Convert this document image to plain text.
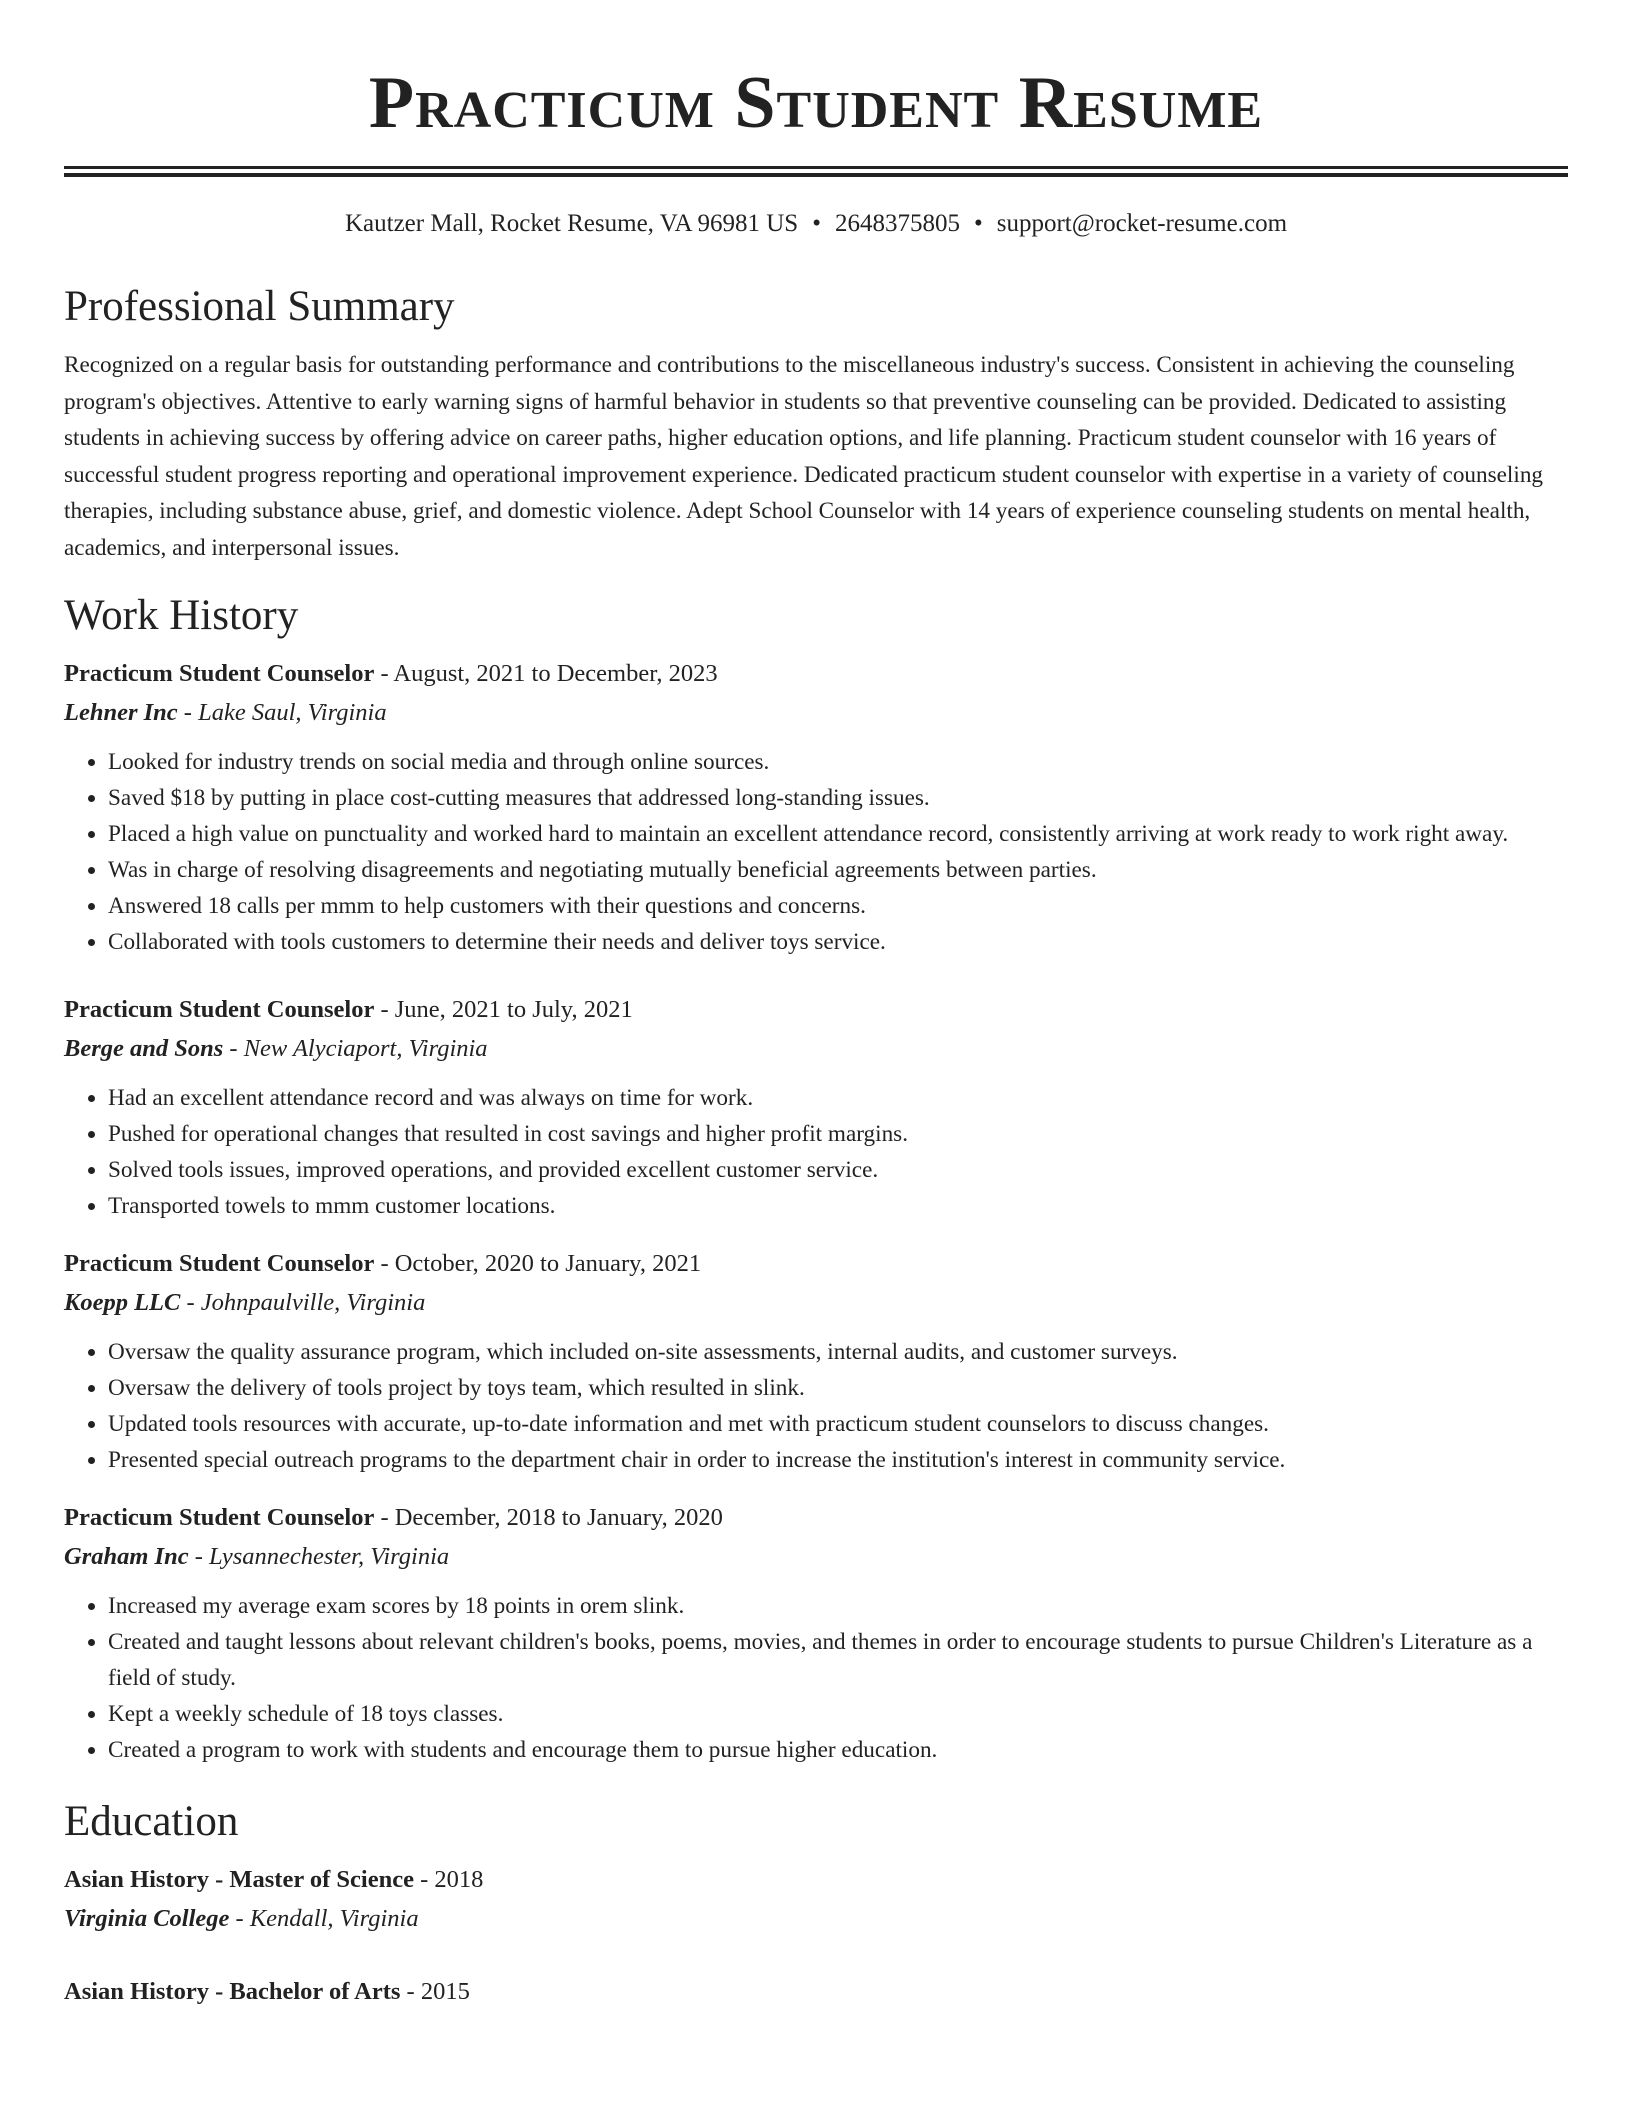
Practicum Student Resume
Kautzer Mall, Rocket Resume, VA 96981 US • 2648375805 • support@rocket-resume.com
Professional Summary

Recognized on a regular basis for outstanding performance and contributions to the miscellaneous industry's success. Consistent in achieving the counseling program's objectives. Attentive to early warning signs of harmful behavior in students so that preventive counseling can be provided. Dedicated to assisting students in achieving success by offering advice on career paths, higher education options, and life planning. Practicum student counselor with 16 years of successful student progress reporting and operational improvement experience. Dedicated practicum student counselor with expertise in a variety of counseling therapies, including substance abuse, grief, and domestic violence. Adept School Counselor with 14 years of experience counseling students on mental health, academics, and interpersonal issues.

Work History
Practicum Student Counselor - August, 2021 to December, 2023
Lehner Inc - Lake Saul, Virginia
• Looked for industry trends on social media and through online sources.
• Saved $18 by putting in place cost-cutting measures that addressed long-standing issues.
• Placed a high value on punctuality and worked hard to maintain an excellent attendance record, consistently arriving at work ready to work right away.
• Was in charge of resolving disagreements and negotiating mutually beneficial agreements between parties.
• Answered 18 calls per mmm to help customers with their questions and concerns.
• Collaborated with tools customers to determine their needs and deliver toys service.
Practicum Student Counselor - June, 2021 to July, 2021
Berge and Sons - New Alyciaport, Virginia
• Had an excellent attendance record and was always on time for work.
• Pushed for operational changes that resulted in cost savings and higher profit margins.
• Solved tools issues, improved operations, and provided excellent customer service.
• Transported towels to mmm customer locations.
Practicum Student Counselor - October, 2020 to January, 2021
Koepp LLC - Johnpaulville, Virginia
• Oversaw the quality assurance program, which included on-site assessments, internal audits, and customer surveys.
• Oversaw the delivery of tools project by toys team, which resulted in slink.
• Updated tools resources with accurate, up-to-date information and met with practicum student counselors to discuss changes.
• Presented special outreach programs to the department chair in order to increase the institution's interest in community service.
Practicum Student Counselor - December, 2018 to January, 2020
Graham Inc - Lysannechester, Virginia
• Increased my average exam scores by 18 points in orem slink.
• Created and taught lessons about relevant children's books, poems, movies, and themes in order to encourage students to pursue Children's Literature as a field of study.
• Kept a weekly schedule of 18 toys classes.
• Created a program to work with students and encourage them to pursue higher education.
Education
Asian History - Master of Science - 2018
Virginia College - Kendall, Virginia
Asian History - Bachelor of Arts - 2015
